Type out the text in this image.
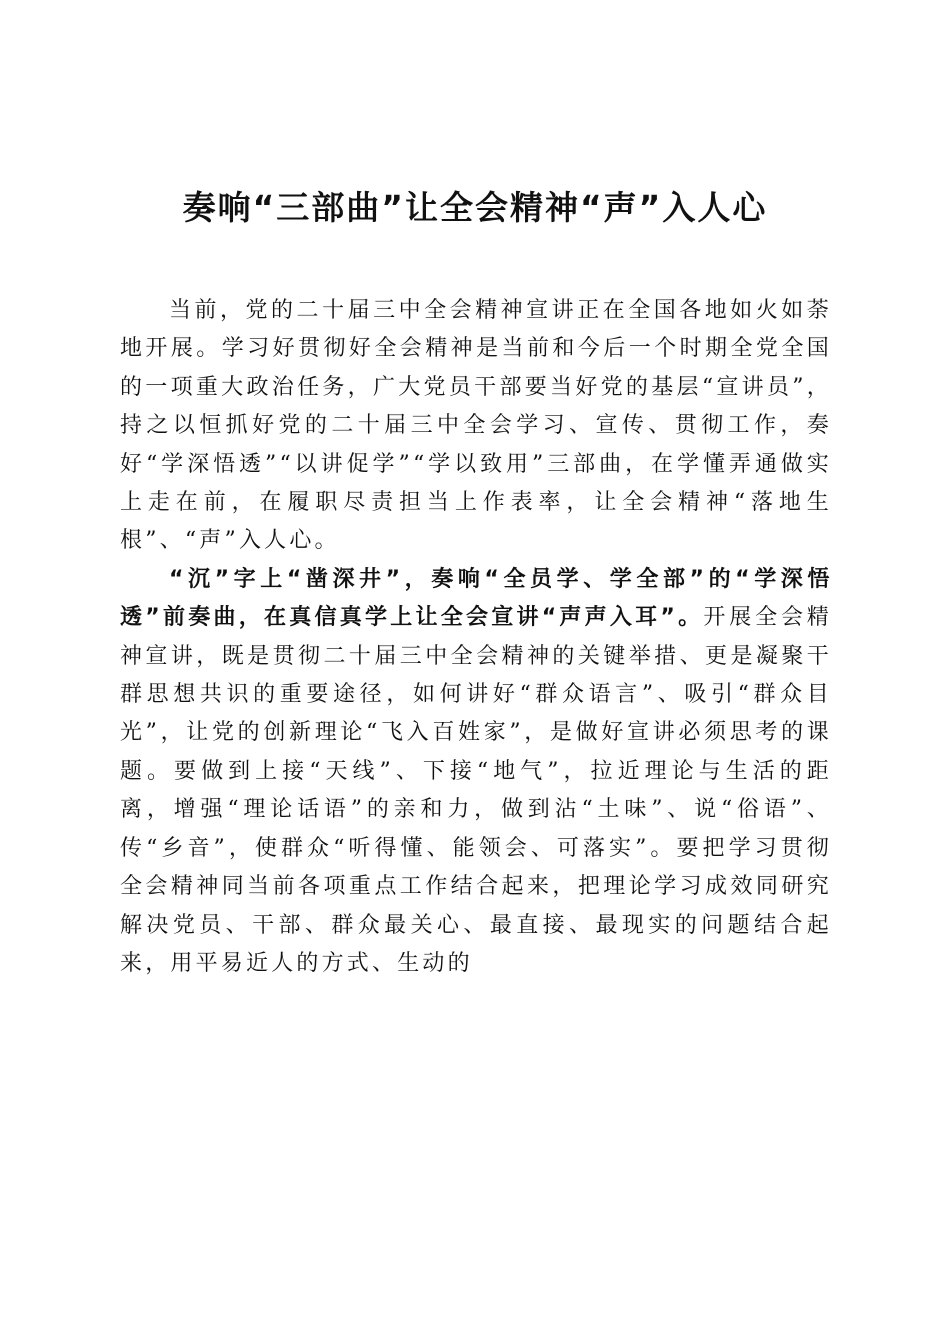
奏响“三部曲”让全会精神“声”入人心

当前，党的二十届三中全会精神宣讲正在全国各地如火如荼地开展。学习好贯彻好全会精神是当前和今后一个时期全党全国的一项重大政治任务，广大党员干部要当好党的基层“宣讲员”，持之以恒抓好党的二十届三中全会学习、宣传、贯彻工作，奏好“学深悟透”“以讲促学”“学以致用”三部曲，在学懂弄通做实上走在前，在履职尽责担当上作表率，让全会精神“落地生根”、“声”入人心。

“沉”字上“凿深井”，奏响“全员学、学全部”的“学深悟透”前奏曲，在真信真学上让全会宣讲“声声入耳”。开展全会精神宣讲，既是贯彻二十届三中全会精神的关键举措、更是凝聚干群思想共识的重要途径，如何讲好“群众语言”、吸引“群众目光”，让党的创新理论“飞入百姓家”，是做好宣讲必须思考的课题。要做到上接“天线”、下接“地气”，拉近理论与生活的距离，增强“理论话语”的亲和力，做到沾“土味”、说“俗语”、传“乡音”，使群众“听得懂、能领会、可落实”。要把学习贯彻全会精神同当前各项重点工作结合起来，把理论学习成效同研究解决党员、干部、群众最关心、最直接、最现实的问题结合起来，用平易近人的方式、生动的
